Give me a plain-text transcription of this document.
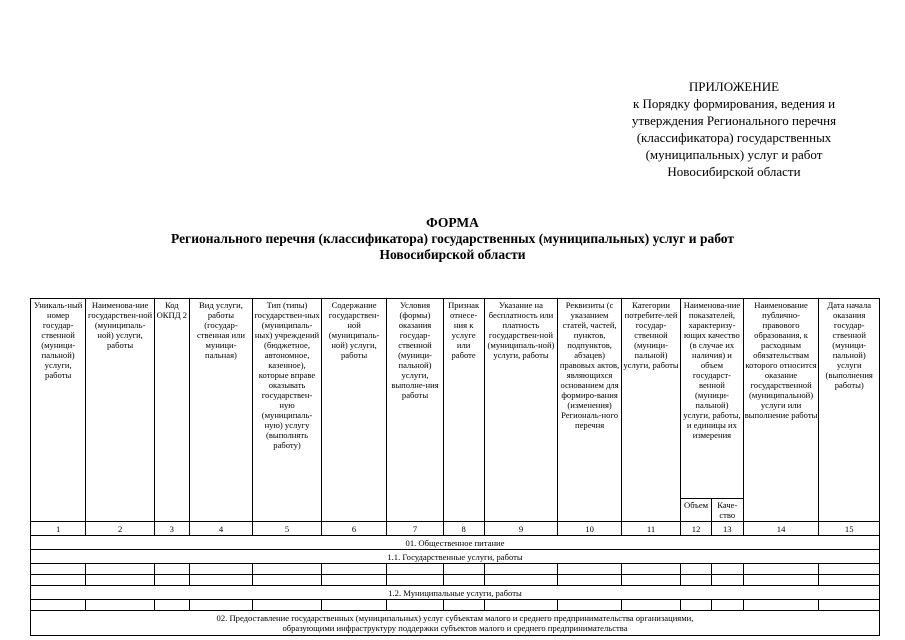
ПРИЛОЖЕНИЕ
к Порядку формирования, ведения и
утверждения Регионального перечня
(классификатора) государственных
(муниципальных) услуг и работ
Новосибирской области
ФОРМА
Регионального перечня (классификатора) государственных (муниципальных) услуг и работ
Новосибирской области
Уникаль-ный номер государ-ственной (муници-пальной) услуги, работы	Наименова-ние государствен-ной (муниципаль-ной) услуги, работы	Код ОКПД 2	Вид услуги, работы (государ-ственная или муници-пальная)	Тип (типы) государствен-ных (муниципаль-ных) учреждений (бюджетное, автономное, казенное), которые вправе оказывать государствен-ную (муниципаль-ную) услугу (выполнять работу)	Содержание государствен-ной (муниципаль-ной) услуги, работы	Условия (формы) оказания государ-ственной (муници-пальной) услуги, выполне-ния работы	Признак отнесе-ния к услуге или работе	Указание на бесплатность или платность государствен-ной (муниципаль-ной) услуги, работы	Реквизиты (с указанием статей, частей, пунктов, подпунктов, абзацев) правовых актов, являющихся основанием для формиро-вания (изменения) Региональ-ного перечня	Категории потребите-лей государ-ственной (муници-пальной) услуги, работы	Наименова-ние показателей, характеризу-ющих качество (в случае их наличия) и объем государст-венной (муници-пальной) услуги, работы, и единицы их измерения		Наименование публично-правового образования, к расходным обязательствам которого относится оказание государственной (муниципальной) услуги или выполнение работы	Дата начала оказания государ-ственной (муници-пальной) услуги (выполнения работы)
											Объем	Каче-ство		
1	2	3	4	5	6	7	8	9	10	11	12	13	14	15
01. Общественное питание														
1.1. Государственные услуги, работы														

1.2. Муниципальные услуги, работы														

02. Предоставление государственных (муниципальных) услуг субъектам малого и среднего предпринимательства организациями,
образующими инфраструктуру поддержки субъектов малого и среднего предпринимательства														
